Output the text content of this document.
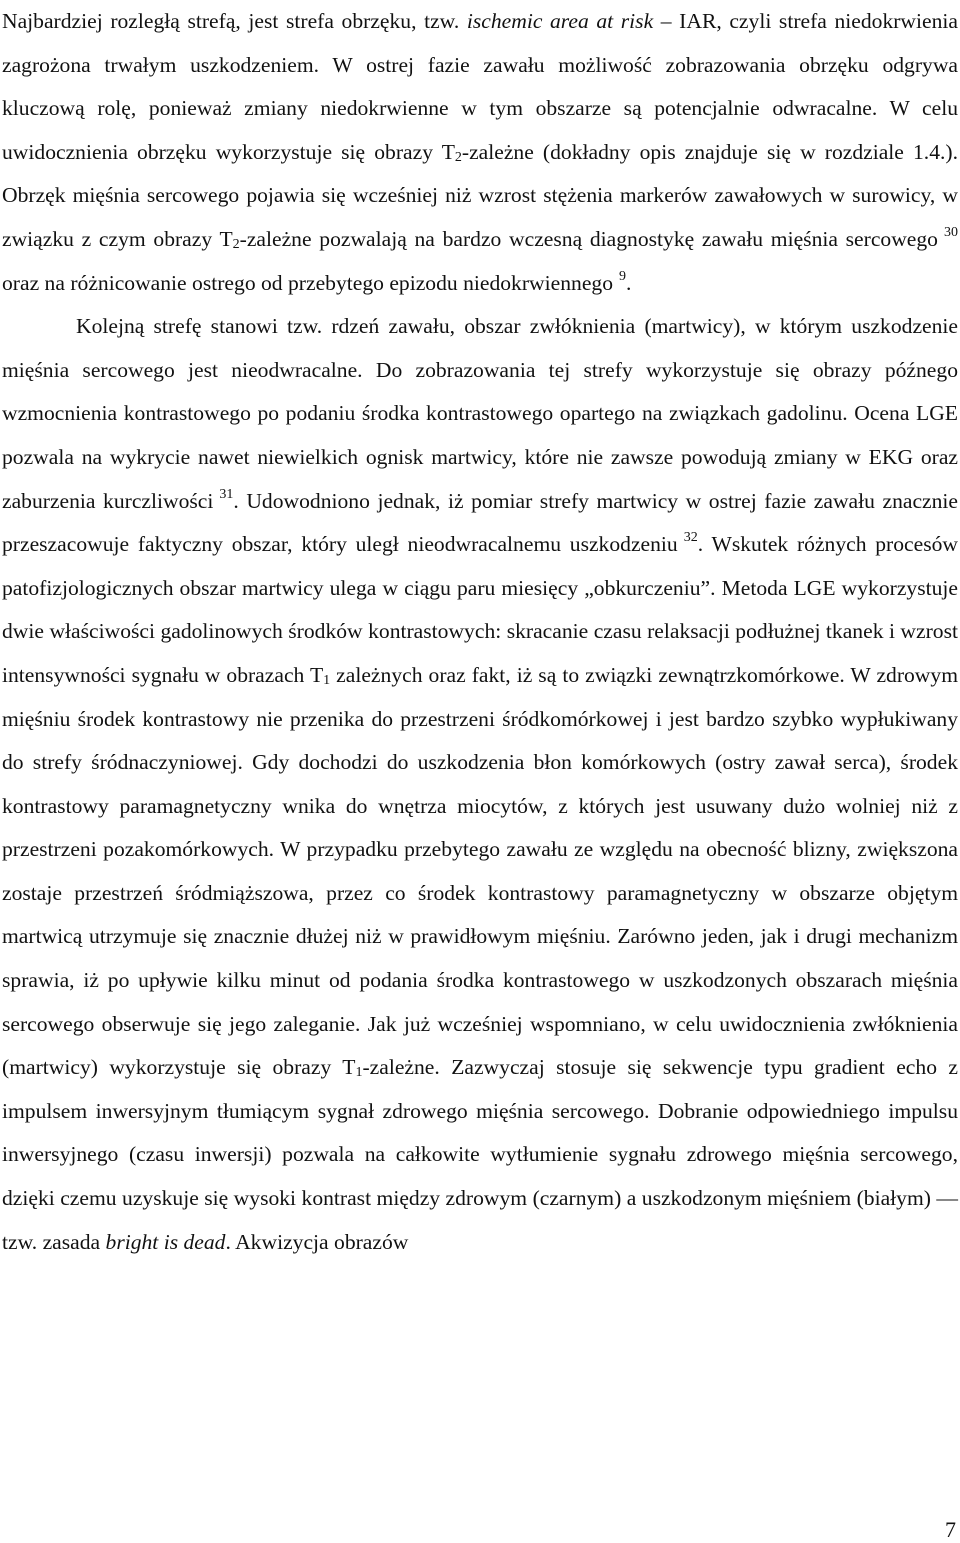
Najbardziej rozległą strefą, jest strefa obrzęku, tzw. ischemic area at risk – IAR, czyli strefa niedokrwienia zagrożona trwałym uszkodzeniem. W ostrej fazie zawału możliwość zobrazowania obrzęku odgrywa kluczową rolę, ponieważ zmiany niedokrwienne w tym obszarze są potencjalnie odwracalne. W celu uwidocznienia obrzęku wykorzystuje się obrazy $T_2$-zależne (dokładny opis znajduje się w rozdziale 1.4.). Obrzęk mięśnia sercowego pojawia się wcześniej niż wzrost stężenia markerów zawałowych w surowicy, w związku z czym obrazy $T_2$-zależne pozwalają na bardzo wczesną diagnostykę zawału mięśnia sercowego $^{30}$ oraz na różnicowanie ostrego od przebytego epizodu niedokrwiennego $^9$.

Kolejną strefę stanowi tzw. rdzeń zawału, obszar zwłóknienia (martwicy), w którym uszkodzenie mięśnia sercowego jest nieodwracalne. Do zobrazowania tej strefy wykorzystuje się obrazy późnego wzmocnienia kontrastowego po podaniu środka kontrastowego opartego na związkach gadolinu. Ocena LGE pozwala na wykrycie nawet niewielkich ognisk martwicy, które nie zawsze powodują zmiany w EKG oraz zaburzenia kurczliwości $^{31}$. Udowodniono jednak, iż pomiar strefy martwicy w ostrej fazie zawału znacznie przeszacowuje faktyczny obszar, który uległ nieodwracalnemu uszkodzeniu $^{32}$. Wskutek różnych procesów patofizjologicznych obszar martwicy ulega w ciągu paru miesięcy „obkurczeniu”. Metoda LGE wykorzystuje dwie właściwości gadolinowych środków kontrastowych: skracanie czasu relaksacji podłużnej tkanek i wzrost intensywności sygnału w obrazach $T_1$ zależnych oraz fakt, iż są to związki zewnątrzkomórkowe. W zdrowym mięśniu środek kontrastowy nie przenika do przestrzeni śródkomórkowej i jest bardzo szybko wypłukiwany do strefy śródnaczyniowej. Gdy dochodzi do uszkodzenia błon komórkowych (ostry zawał serca), środek kontrastowy paramagnetyczny wnika do wnętrza miocytów, z których jest usuwany dużo wolniej niż z przestrzeni pozakomórkowych. W przypadku przebytego zawału ze względu na obecność blizny, zwiększona zostaje przestrzeń śródmiąższowa, przez co środek kontrastowy paramagnetyczny w obszarze objętym martwicą utrzymuje się znacznie dłużej niż w prawidłowym mięśniu. Zarówno jeden, jak i drugi mechanizm sprawia, iż po upływie kilku minut od podania środka kontrastowego w uszkodzonych obszarach mięśnia sercowego obserwuje się jego zaleganie. Jak już wcześniej wspomniano, w celu uwidocznienia zwłóknienia (martwicy) wykorzystuje się obrazy $T_1$-zależne. Zazwyczaj stosuje się sekwencje typu gradient echo z impulsem inwersyjnym tłumiącym sygnał zdrowego mięśnia sercowego. Dobranie odpowiedniego impulsu inwersyjnego (czasu inwersji) pozwala na całkowite wytłumienie sygnału zdrowego mięśnia sercowego, dzięki czemu uzyskuje się wysoki kontrast między zdrowym (czarnym) a uszkodzonym mięśniem (białym) — tzw. zasada bright is dead. Akwizycja obrazów

7
